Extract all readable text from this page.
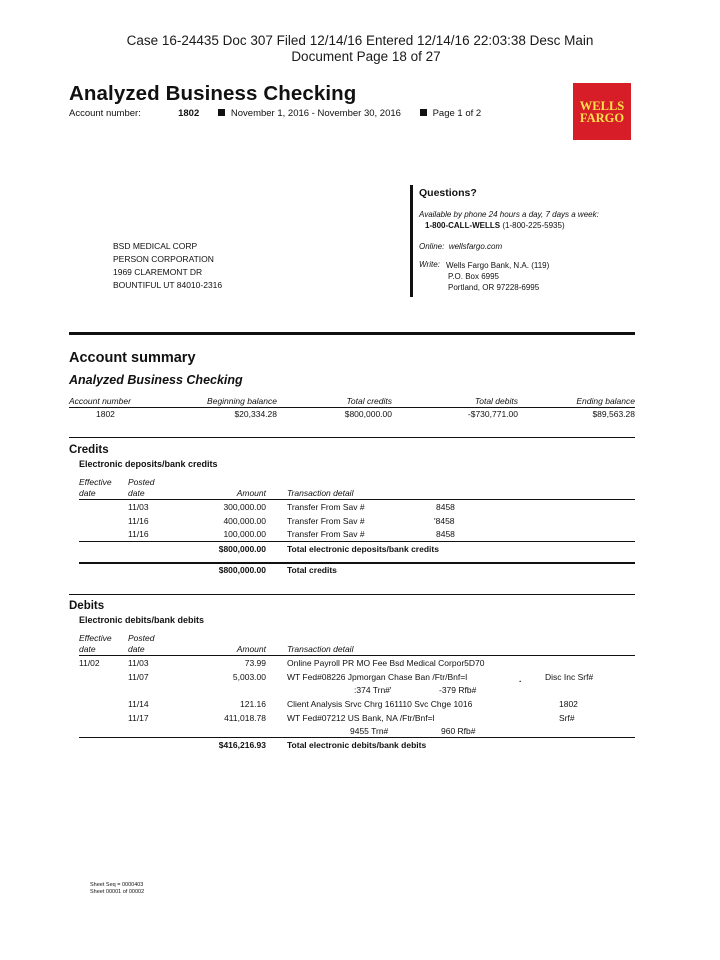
Case 16-24435 Doc 307 Filed 12/14/16 Entered 12/14/16 22:03:38 Desc Main
Document Page 18 of 27
Analyzed Business Checking
Account number:	1802	November 1, 2016 - November 30, 2016	Page 1 of 2
WELLS
FARGO
Questions?
Available by phone 24 hours a day, 7 days a week:
1-800-CALL-WELLS (1-800-225-5935)
Online: wellsfargo.com
Write: Wells Fargo Bank, N.A. (119)
P.O. Box 6995
Portland, OR 97228-6995
BSD MEDICAL CORP
PERSON CORPORATION
1969 CLAREMONT DR
BOUNTIFUL UT 84010-2316
Account summary
Analyzed Business Checking
Account number	Beginning balance	Total credits	Total debits	Ending balance
1802	$20,334.28	$800,000.00	-$730,771.00	$89,563.28
Credits
Electronic deposits/bank credits
Effective
date
Posted
date	Amount Transaction detail
11/03	300,000.00 Transfer From Sav #	8458
11/16	400,000.00 Transfer From Sav #	'8458
11/16	100,000.00 Transfer From Sav #	8458
$800,000.00 Total electronic deposits/bank credits
$800,000.00 Total credits
Debits
Electronic debits/bank debits
Effective
date
Posted
date	Amount Transaction detail
11/02	11/03	73.99 Online Payroll PR MO Fee Bsd Medical Corpor5D70
11/07	5,003.00 WT Fed#08226 Jpmorgan Chase Ban /Ftr/Bnf=l	.	Disc Inc Srf#
:374 Trn#'	-379 Rfb#
11/14	121.16 Client Analysis Srvc Chrg 161110 Svc Chge 1016	1802
11/17	411,018.78 WT Fed#07212 US Bank, NA /Ftr/Bnf=l	Srf#
9455 Trn#	960 Rfb#
$416,216.93 Total electronic debits/bank debits
Sheet Seq = 0000403
Sheet 00001 of 00002
